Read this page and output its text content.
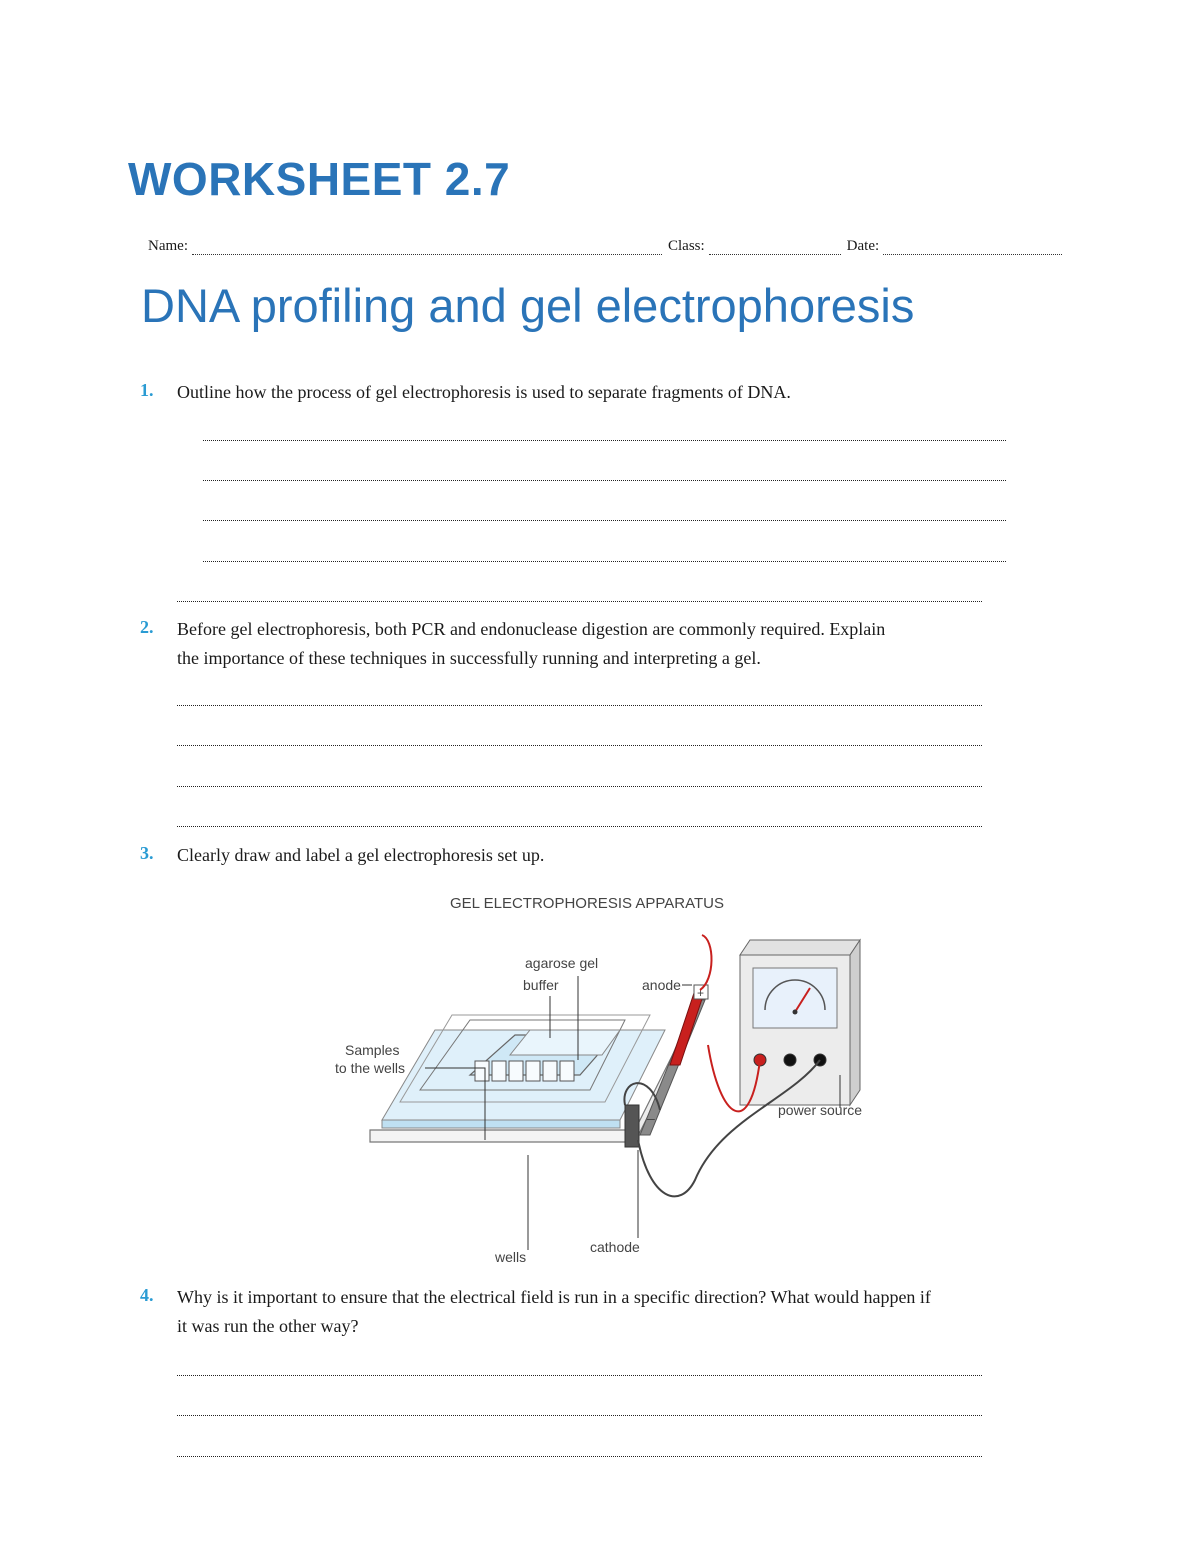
WORKSHEET 2.7
Name:	Class:	Date:
DNA profiling and gel electrophoresis
1. Outline how the process of gel electrophoresis is used to separate fragments of DNA.
2. Before gel electrophoresis, both PCR and endonuclease digestion are commonly required. Explain
the importance of these techniques in successfully running and interpreting a gel.
3. Clearly draw and label a gel electrophoresis set up.
GEL ELECTROPHORESIS APPARATUS
+
–
agarose gel
buffer	anode
Samples
to the wells
power source
wells
cathode
4. Why is it important to ensure that the electrical field is run in a specific direction? What would happen if
it was run the other way?
